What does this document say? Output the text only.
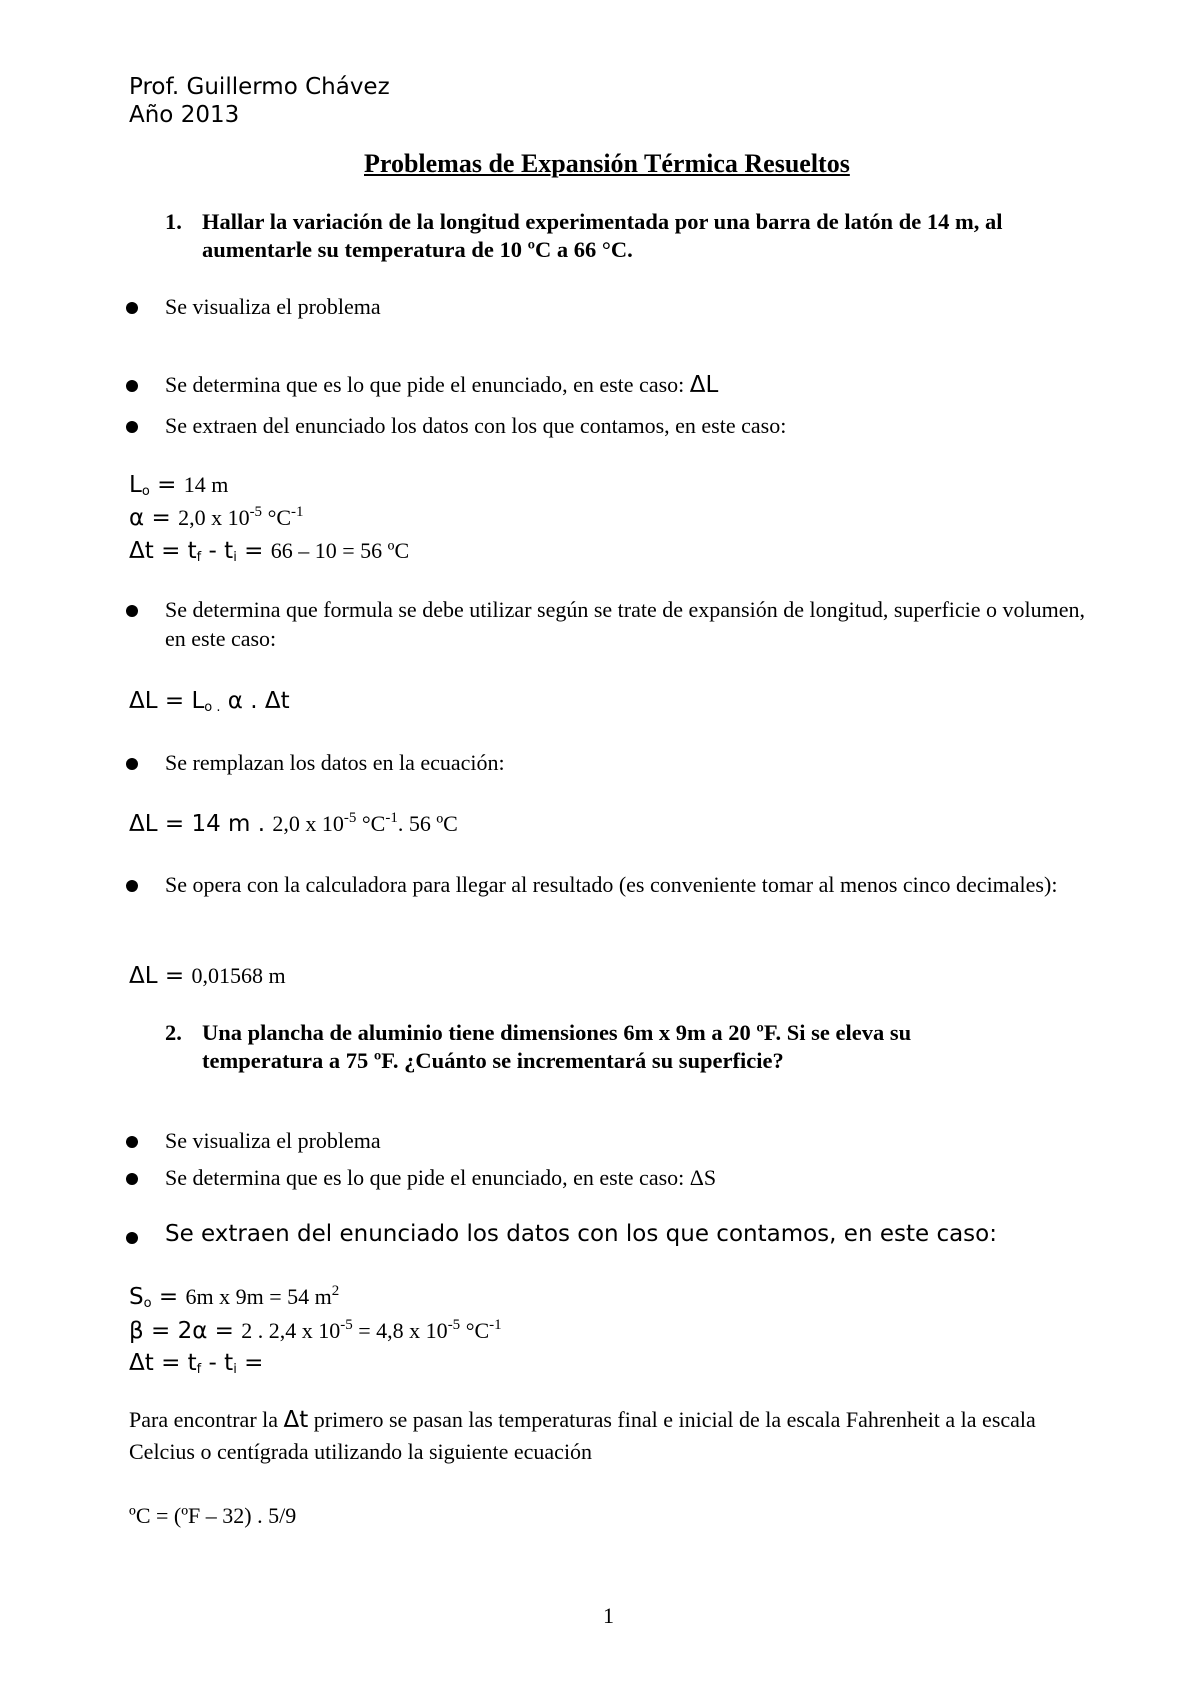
Prof. Guillermo Chávez
Año 2013
Problemas de Expansión Térmica Resueltos
1. Hallar la variación de la longitud experimentada por una barra de latón de 14 m, al aumentarle su temperatura de 10 ºC a 66 °C.
Se visualiza el problema
Se determina que es lo que pide el enunciado, en este caso: ΔL
Se extraen del enunciado los datos con los que contamos, en este caso:
$L_o = 14$ m
α = 2,0 x $10^{-5}$ $^\circ C^{-1}$
$\Delta t = t_f - t_i = 66 - 10 = 56$ ºC
Se determina que formula se debe utilizar según se trate de expansión de longitud, superficie o volumen, en este caso:
$\Delta L = L_{o .}$ α . Δt
Se remplazan los datos en la ecuación:
ΔL = 14 m . 2,0 x $10^{-5}$ $^\circ C^{-1}$. 56 ºC
Se opera con la calculadora para llegar al resultado (es conveniente tomar al menos cinco decimales):
ΔL = 0,01568 m
2. Una plancha de aluminio tiene dimensiones 6m x 9m a 20 ºF. Si se eleva su temperatura a 75 ºF. ¿Cuánto se incrementará su superficie?
Se visualiza el problema
Se determina que es lo que pide el enunciado, en este caso: ΔS
Se extraen del enunciado los datos con los que contamos, en este caso:
$S_o = 6m$ x 9m = 54 $m^2$
β = 2α = 2 . 2,4 x $10^{-5} = 4,8$ x $10^{-5}$ $^\circ C^{-1}$
$\Delta t = t_f - t_i$ =
Para encontrar la Δt primero se pasan las temperaturas final e inicial de la escala Fahrenheit a la escala Celcius o centígrada utilizando la siguiente ecuación
ºC = (ºF – 32) . 5/9
1
